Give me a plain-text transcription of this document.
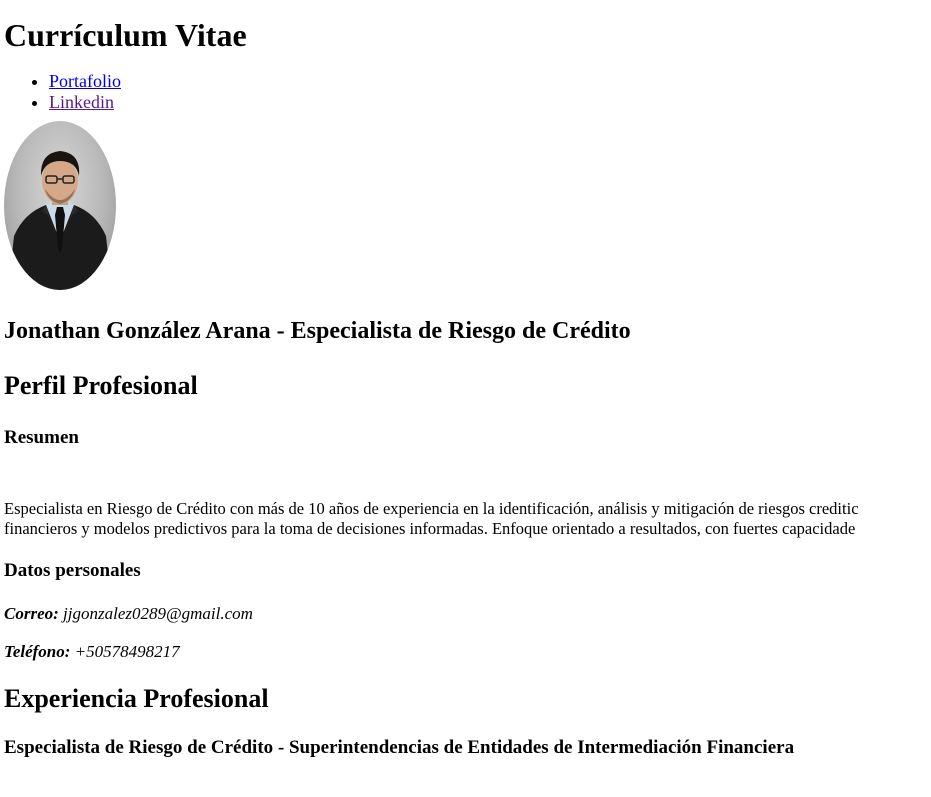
Currículum Vitae
• Portafolio
• Linkedin
Jonathan González Arana - Especialista de Riesgo de Crédito
Perfil Profesional
Resumen

Especialista en Riesgo de Crédito con más de 10 años de experiencia en la identificación, análisis y mitigación de riesgos creditic

financieros y modelos predictivos para la toma de decisiones informadas. Enfoque orientado a resultados, con fuertes capacidade

Datos personales

Correo: jjgonzalez0289@gmail.com

Teléfono: +50578498217

Experiencia Profesional
Especialista de Riesgo de Crédito - Superintendencias de Entidades de Intermediación Financiera
